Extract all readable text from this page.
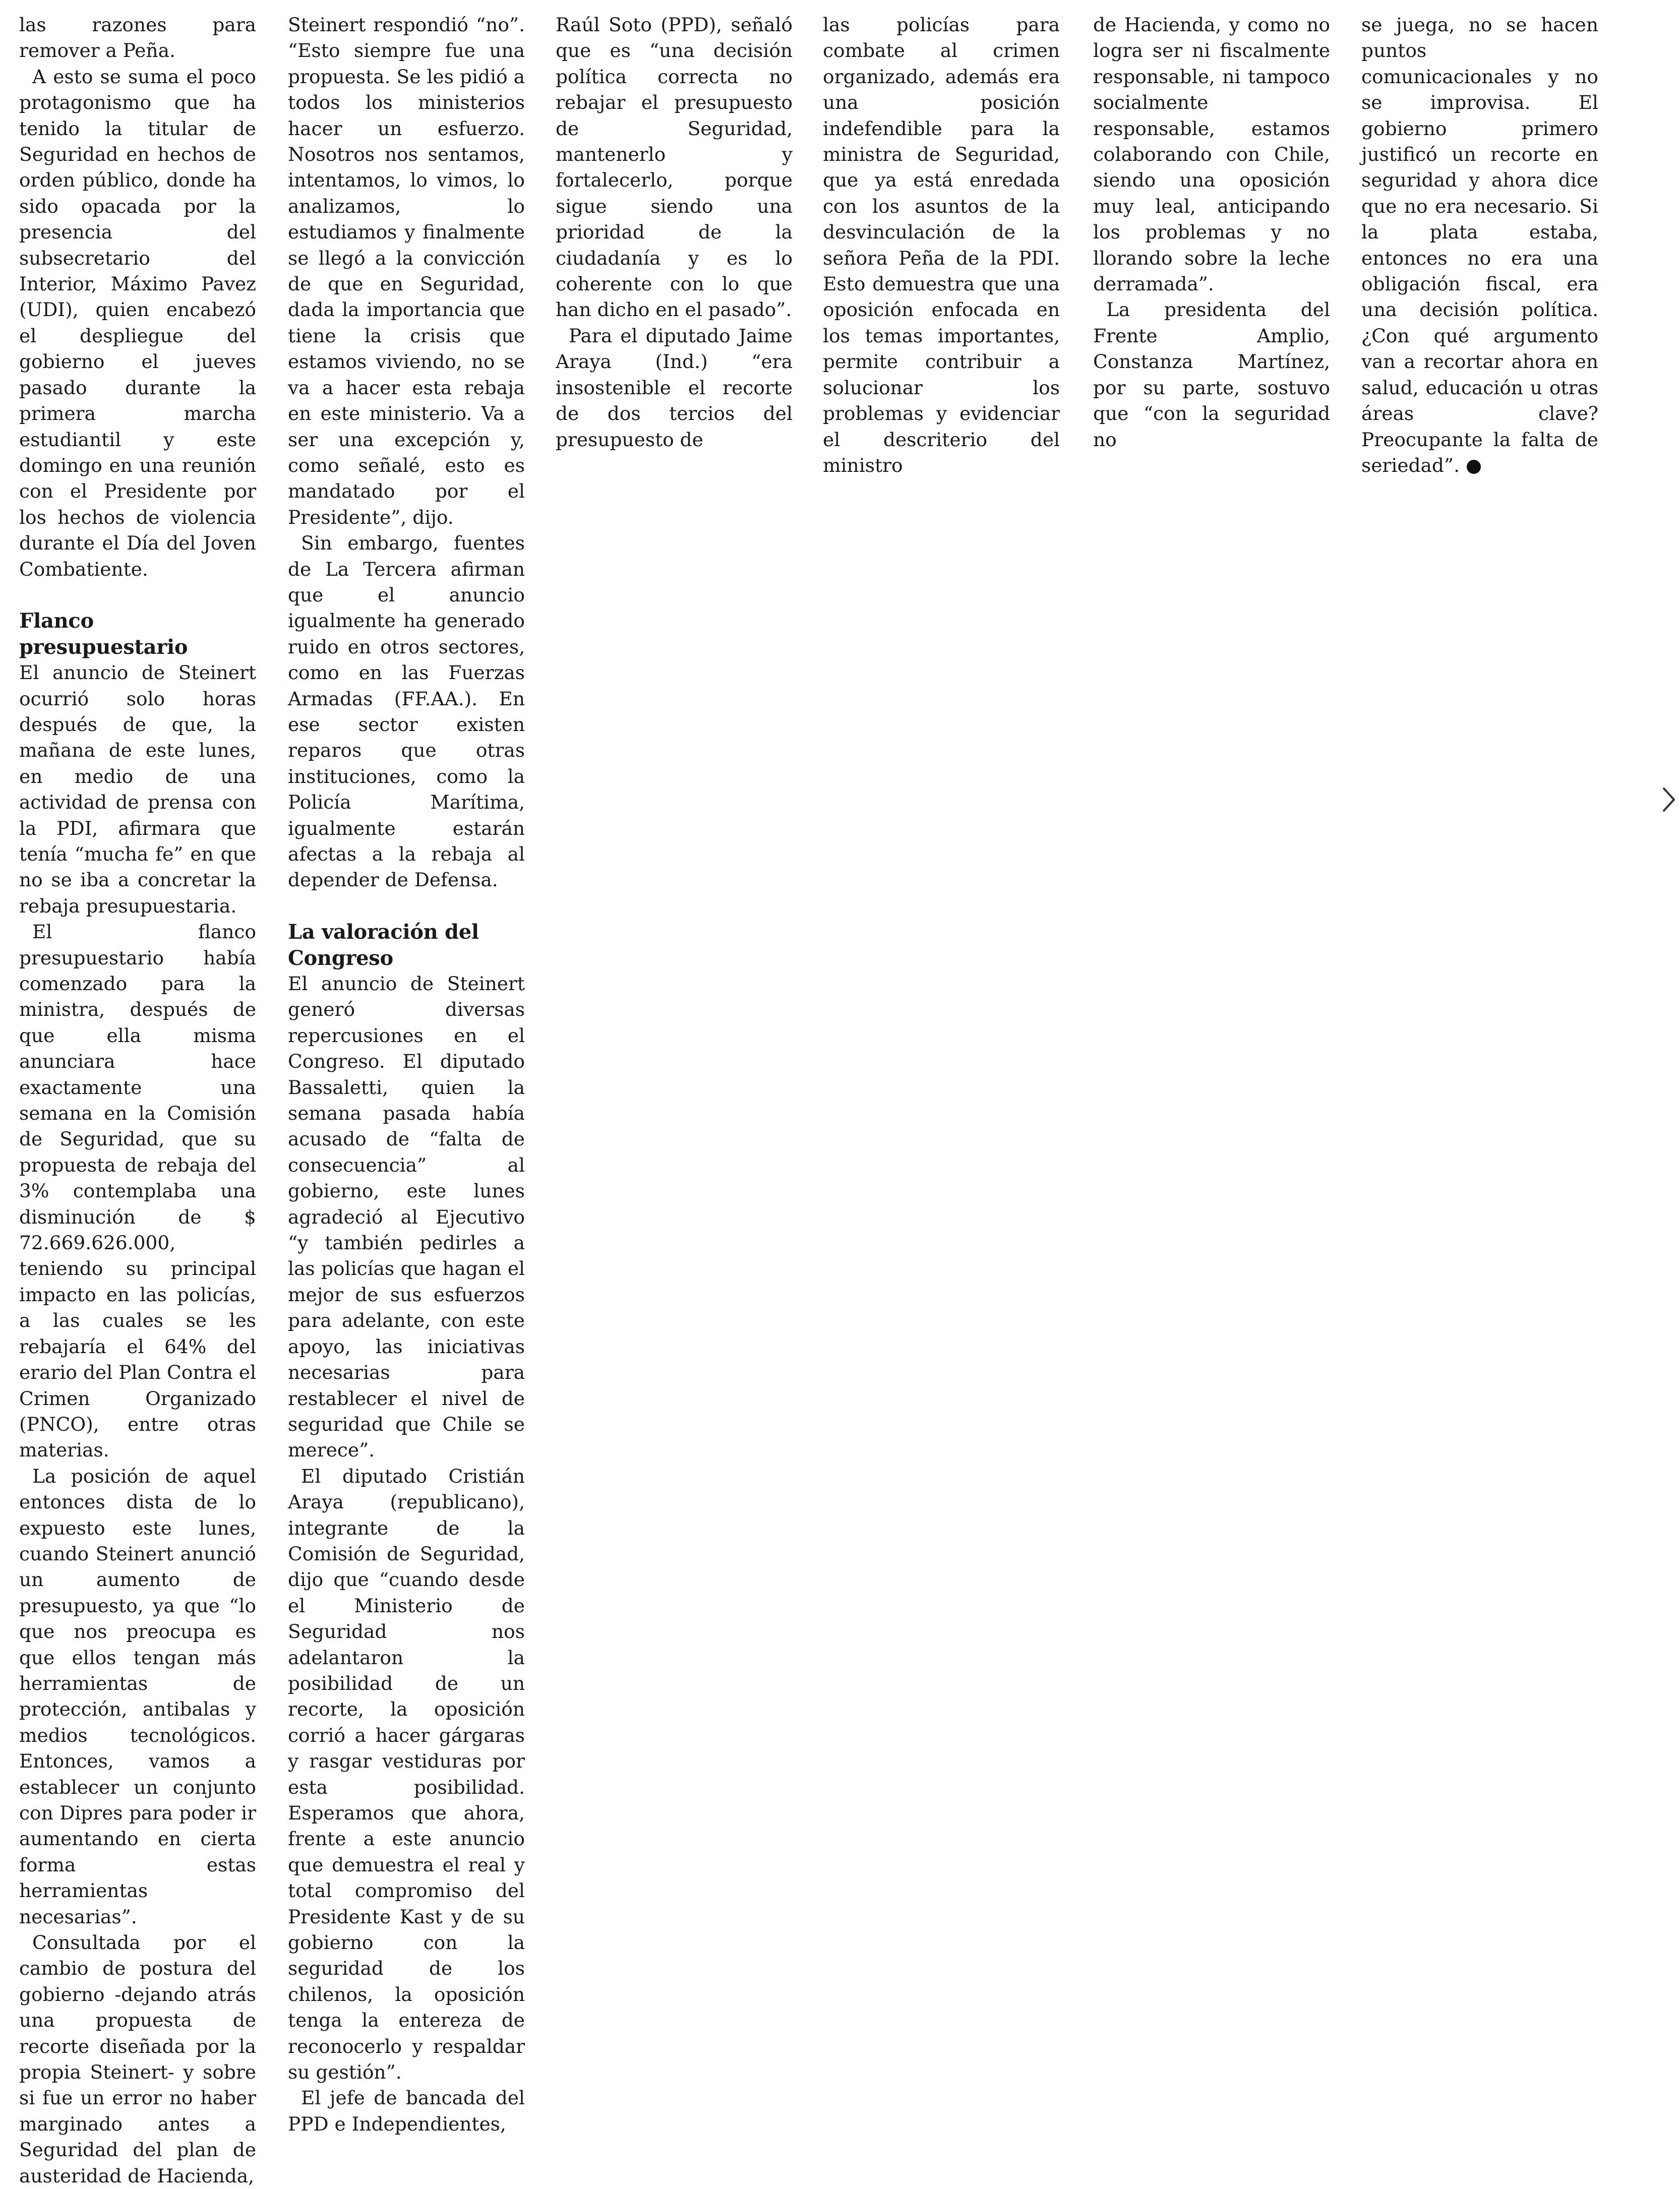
las razones para remover a Peña.

A esto se suma el poco protagonismo que ha tenido la titular de Seguridad en hechos de orden público, donde ha sido opacada por la presencia del subsecretario del Interior, Máximo Pavez (UDI), quien encabezó el despliegue del gobierno el jueves pasado durante la primera marcha estudiantil y este domingo en una reunión con el Presidente por los hechos de violencia durante el Día del Joven Combatiente.

Flanco presupuestario

El anuncio de Steinert ocurrió solo horas después de que, la mañana de este lunes, en medio de una actividad de prensa con la PDI, afirmara que tenía “mucha fe” en que no se iba a concretar la rebaja presupuestaria.

El flanco presupuestario había comenzado para la ministra, después de que ella misma anunciara hace exactamente una semana en la Comisión de Seguridad, que su propuesta de rebaja del 3% contemplaba una disminución de $ 72.669.626.000, teniendo su principal impacto en las policías, a las cuales se les rebajaría el 64% del erario del Plan Contra el Crimen Organizado (PNCO), entre otras materias.

La posición de aquel entonces dista de lo expuesto este lunes, cuando Steinert anunció un aumento de presupuesto, ya que “lo que nos preocupa es que ellos tengan más herramientas de protección, antibalas y medios tecnológicos. Entonces, vamos a establecer un conjunto con Dipres para poder ir aumentando en cierta forma estas herramientas necesarias”.

Consultada por el cambio de postura del gobierno -dejando atrás una propuesta de recorte diseñada por la propia Steinert- y sobre si fue un error no haber marginado antes a Seguridad del plan de austeridad de Hacienda,

Steinert respondió “no”. “Esto siempre fue una propuesta. Se les pidió a todos los ministerios hacer un esfuerzo. Nosotros nos sentamos, intentamos, lo vimos, lo analizamos, lo estudiamos y finalmente se llegó a la convicción de que en Seguridad, dada la importancia que tiene la crisis que estamos viviendo, no se va a hacer esta rebaja en este ministerio. Va a ser una excepción y, como señalé, esto es mandatado por el Presidente”, dijo.

Sin embargo, fuentes de La Tercera afirman que el anuncio igualmente ha generado ruido en otros sectores, como en las Fuerzas Armadas (FF.AA.). En ese sector existen reparos que otras instituciones, como la Policía Marítima, igualmente estarán afectas a la rebaja al depender de Defensa.

La valoración del Congreso

El anuncio de Steinert generó diversas repercusiones en el Congreso. El diputado Bassaletti, quien la semana pasada había acusado de “falta de consecuencia” al gobierno, este lunes agradeció al Ejecutivo “y también pedirles a las policías que hagan el mejor de sus esfuerzos para adelante, con este apoyo, las iniciativas necesarias para restablecer el nivel de seguridad que Chile se merece”.

El diputado Cristián Araya (republicano), integrante de la Comisión de Seguridad, dijo que “cuando desde el Ministerio de Seguridad nos adelantaron la posibilidad de un recorte, la oposición corrió a hacer gárgaras y rasgar vestiduras por esta posibilidad. Esperamos que ahora, frente a este anuncio que demuestra el real y total compromiso del Presidente Kast y de su gobierno con la seguridad de los chilenos, la oposición tenga la entereza de reconocerlo y respaldar su gestión”.

El jefe de bancada del PPD e Independientes,

Raúl Soto (PPD), señaló que es “una decisión política correcta no rebajar el presupuesto de Seguridad, mantenerlo y fortalecerlo, porque sigue siendo una prioridad de la ciudadanía y es lo coherente con lo que han dicho en el pasado”.

Para el diputado Jaime Araya (Ind.) “era insostenible el recorte de dos tercios del presupuesto de

las policías para combate al crimen organizado, además era una posición indefendible para la ministra de Seguridad, que ya está enredada con los asuntos de la desvinculación de la señora Peña de la PDI. Esto demuestra que una oposición enfocada en los temas importantes, permite contribuir a solucionar los problemas y evidenciar el descriterio del ministro

de Hacienda, y como no logra ser ni fiscalmente responsable, ni tampoco socialmente responsable, estamos colaborando con Chile, siendo una oposición muy leal, anticipando los problemas y no llorando sobre la leche derramada”.

La presidenta del Frente Amplio, Constanza Martínez, por su parte, sostuvo que “con la seguridad no

se juega, no se hacen puntos comunicacionales y no se improvisa. El gobierno primero justificó un recorte en seguridad y ahora dice que no era necesario. Si la plata estaba, entonces no era una obligación fiscal, era una decisión política. ¿Con qué argumento van a recortar ahora en salud, educación u otras áreas clave? Preocupante la falta de seriedad”.
